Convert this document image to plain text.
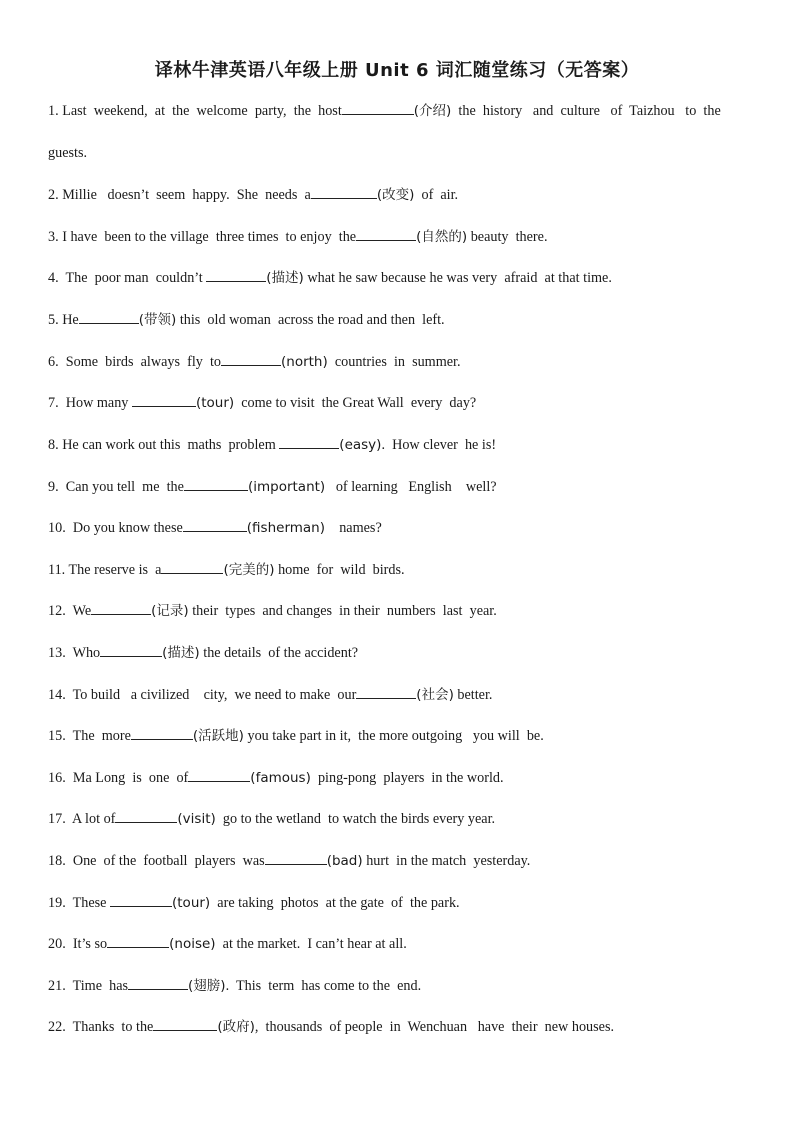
译林牛津英语八年级上册 Unit 6 词汇随堂练习（无答案）
1. Last  weekend,  at  the  welcome  party,  the  host	(介绍)  the  history   and  culture   of  Taizhou   to  the
guests.
2. Millie   doesn’t  seem  happy.  She  needs  a	(改变)  of  air.
3. I have  been to the village  three times  to enjoy  the	(自然的) beauty  there.
4.  The  poor man  couldn’t	(描述) what he saw because he was very  afraid  at that time.
5. He	(带领) this  old woman  across the road and then  left.
6.  Some  birds  always  fly  to	(north)  countries  in  summer.
7.  How many	(tour)  come to visit  the Great Wall  every  day?
8. He can work out this  maths  problem	(easy).  How clever  he is!
9.  Can you tell  me  the	(important)   of learning   English    well?
10.  Do you know these	(fisherman)    names?
11. The reserve is  a	(完美的) home  for  wild  birds.
12.  We	(记录) their  types  and changes  in their  numbers  last  year.
13.  Who	(描述) the details  of the accident?
14.  To build   a civilized    city,  we need to make  our	(社会) better.
15.  The  more	(活跃地) you take part in it,  the more outgoing   you will  be.
16.  Ma Long  is  one  of	(famous)  ping-pong  players  in the world.
17.  A lot of	(visit)  go to the wetland  to watch the birds every year.
18.  One  of the  football  players  was	(bad) hurt  in the match  yesterday.
19.  These	(tour)  are taking  photos  at the gate  of  the park.
20.  It’s so	(noise)  at the market.  I can’t hear at all.
21.  Time  has	(翅膀).  This  term  has come to the  end.
22.  Thanks  to the	(政府),  thousands  of people  in  Wenchuan   have  their  new houses.
